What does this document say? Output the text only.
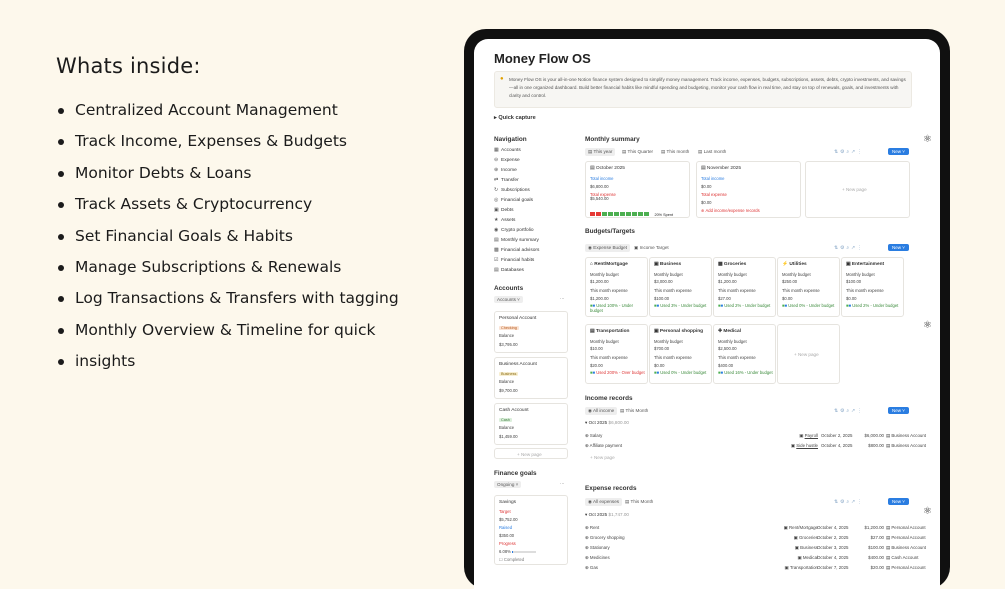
Whats inside:
Centralized Account Management
Track Income, Expenses & Budgets
Monitor Debts & Loans
Track Assets & Cryptocurrency
Set Financial Goals & Habits
Manage Subscriptions & Renewals
Log Transactions & Transfers with tagging
Monthly Overview & Timeline for quick
insights
Money Flow OS
● Money Flow OS is your all-in-one Notion finance system designed to simplify money management. Track income, expenses, budgets, subscriptions, assets, debts, crypto investments, and savings—all in one organized dashboard. Build better financial habits like mindful spending and budgeting, monitor your cash flow in real time, and stay on top of renewals, goals, and investments with clarity and control.
▸ Quick capture
Navigation
▦ Accounts
⊖ Expense
⊕ Income
⇄ Transfer
↻ Subscriptions
◎ Financial goals
▣ Debts
★ Assets
◉ Crypto portfolio
▤ Monthly summary
▩ Financial advisors
☑ Financial habits
▤ Databases
Accounts
Accounts ˅	···
Personal Account
Checking
Balance
$3,795.00
Business Account
Business
Balance
$9,700.00
Cash Account
Cash
Balance
$1,459.00
+ New page
Finance goals
Ongoing ˅	···
Savings
Target
$5,752.00
Raised
$350.00
Progress
6.08%
☐ Completed
Monthly summary
▤ This year	▤ This Quarter ▤ This month ▤ Last month	⇅⚙⌕↗⋮	New ˅
▤ October 2025
Total income
$6,800.00
Total expense
$5,540.00
20% Spent
▤ November 2025
Total income
$0.00
Total expense
$0.00
⊕ Add income/expense records
+ New page
Budgets/Targets
◉ Expense Budget	▣ Income Target	⇅⚙⌕↗⋮	New ˅
+ New page
Income records
◉ All income	▤ This Month	⇅⚙⌕↗⋮	New ˅
▾ Oct 2025 $6,800.00
+ New page
Expense records
◉ All expenses	▤ This Month	⇅⚙⌕↗⋮	New ˅
▾ Oct 2025 $1,747.00
⌂ Rent/Mortgage
Monthly budget
$1,200.00
This month expense
$1,200.00
■■ Used 100% - Under budget
▣ Business
Monthly budget
$3,000.00
This month expense
$100.00
■■ Used 3% - Under budget
▩ Groceries
Monthly budget
$1,200.00
This month expense
$27.00
■■ Used 2% - Under budget
⚡ Utilities
Monthly budget
$250.00
This month expense
$0.00
■■ Used 0% - Under budget
▣ Entertainment
Monthly budget
$100.00
This month expense
$0.00
■■ Used 2% - Under budget
▤ Transportation
Monthly budget
$10.00
This month expense
$20.00
■■ Used 200% - Over budget
▣ Personal shopping
Monthly budget
$700.00
This month expense
$0.00
■■ Used 0% - Under budget
✚ Medical
Monthly budget
$2,500.00
This month expense
$400.00
■■ Used 16% - Under budget
⊕ Salary	▣ Payroll October 2, 2025	$6,000.00 ▤ Business Account
⊕ Affiliate payment	▣ Side hustle October 4, 2025	$800.00 ▤ Business Account
⊕ Rent	▣ Rent/Mortgage October 4, 2025	$1,200.00 ▤ Personal Account
⊕ Grocery shopping	▣ Groceries October 2, 2025	$27.00 ▤ Personal Account
⊕ Stationary	▣ Business October 3, 2025	$100.00 ▤ Business Account
⊕ Medicines	▣ Medical October 4, 2025	$400.00 ▤ Cash Account
⊕ Gas	▣ Transportation October 7, 2025	$20.00 ▤ Personal Account
⚛
⚛
⚛
